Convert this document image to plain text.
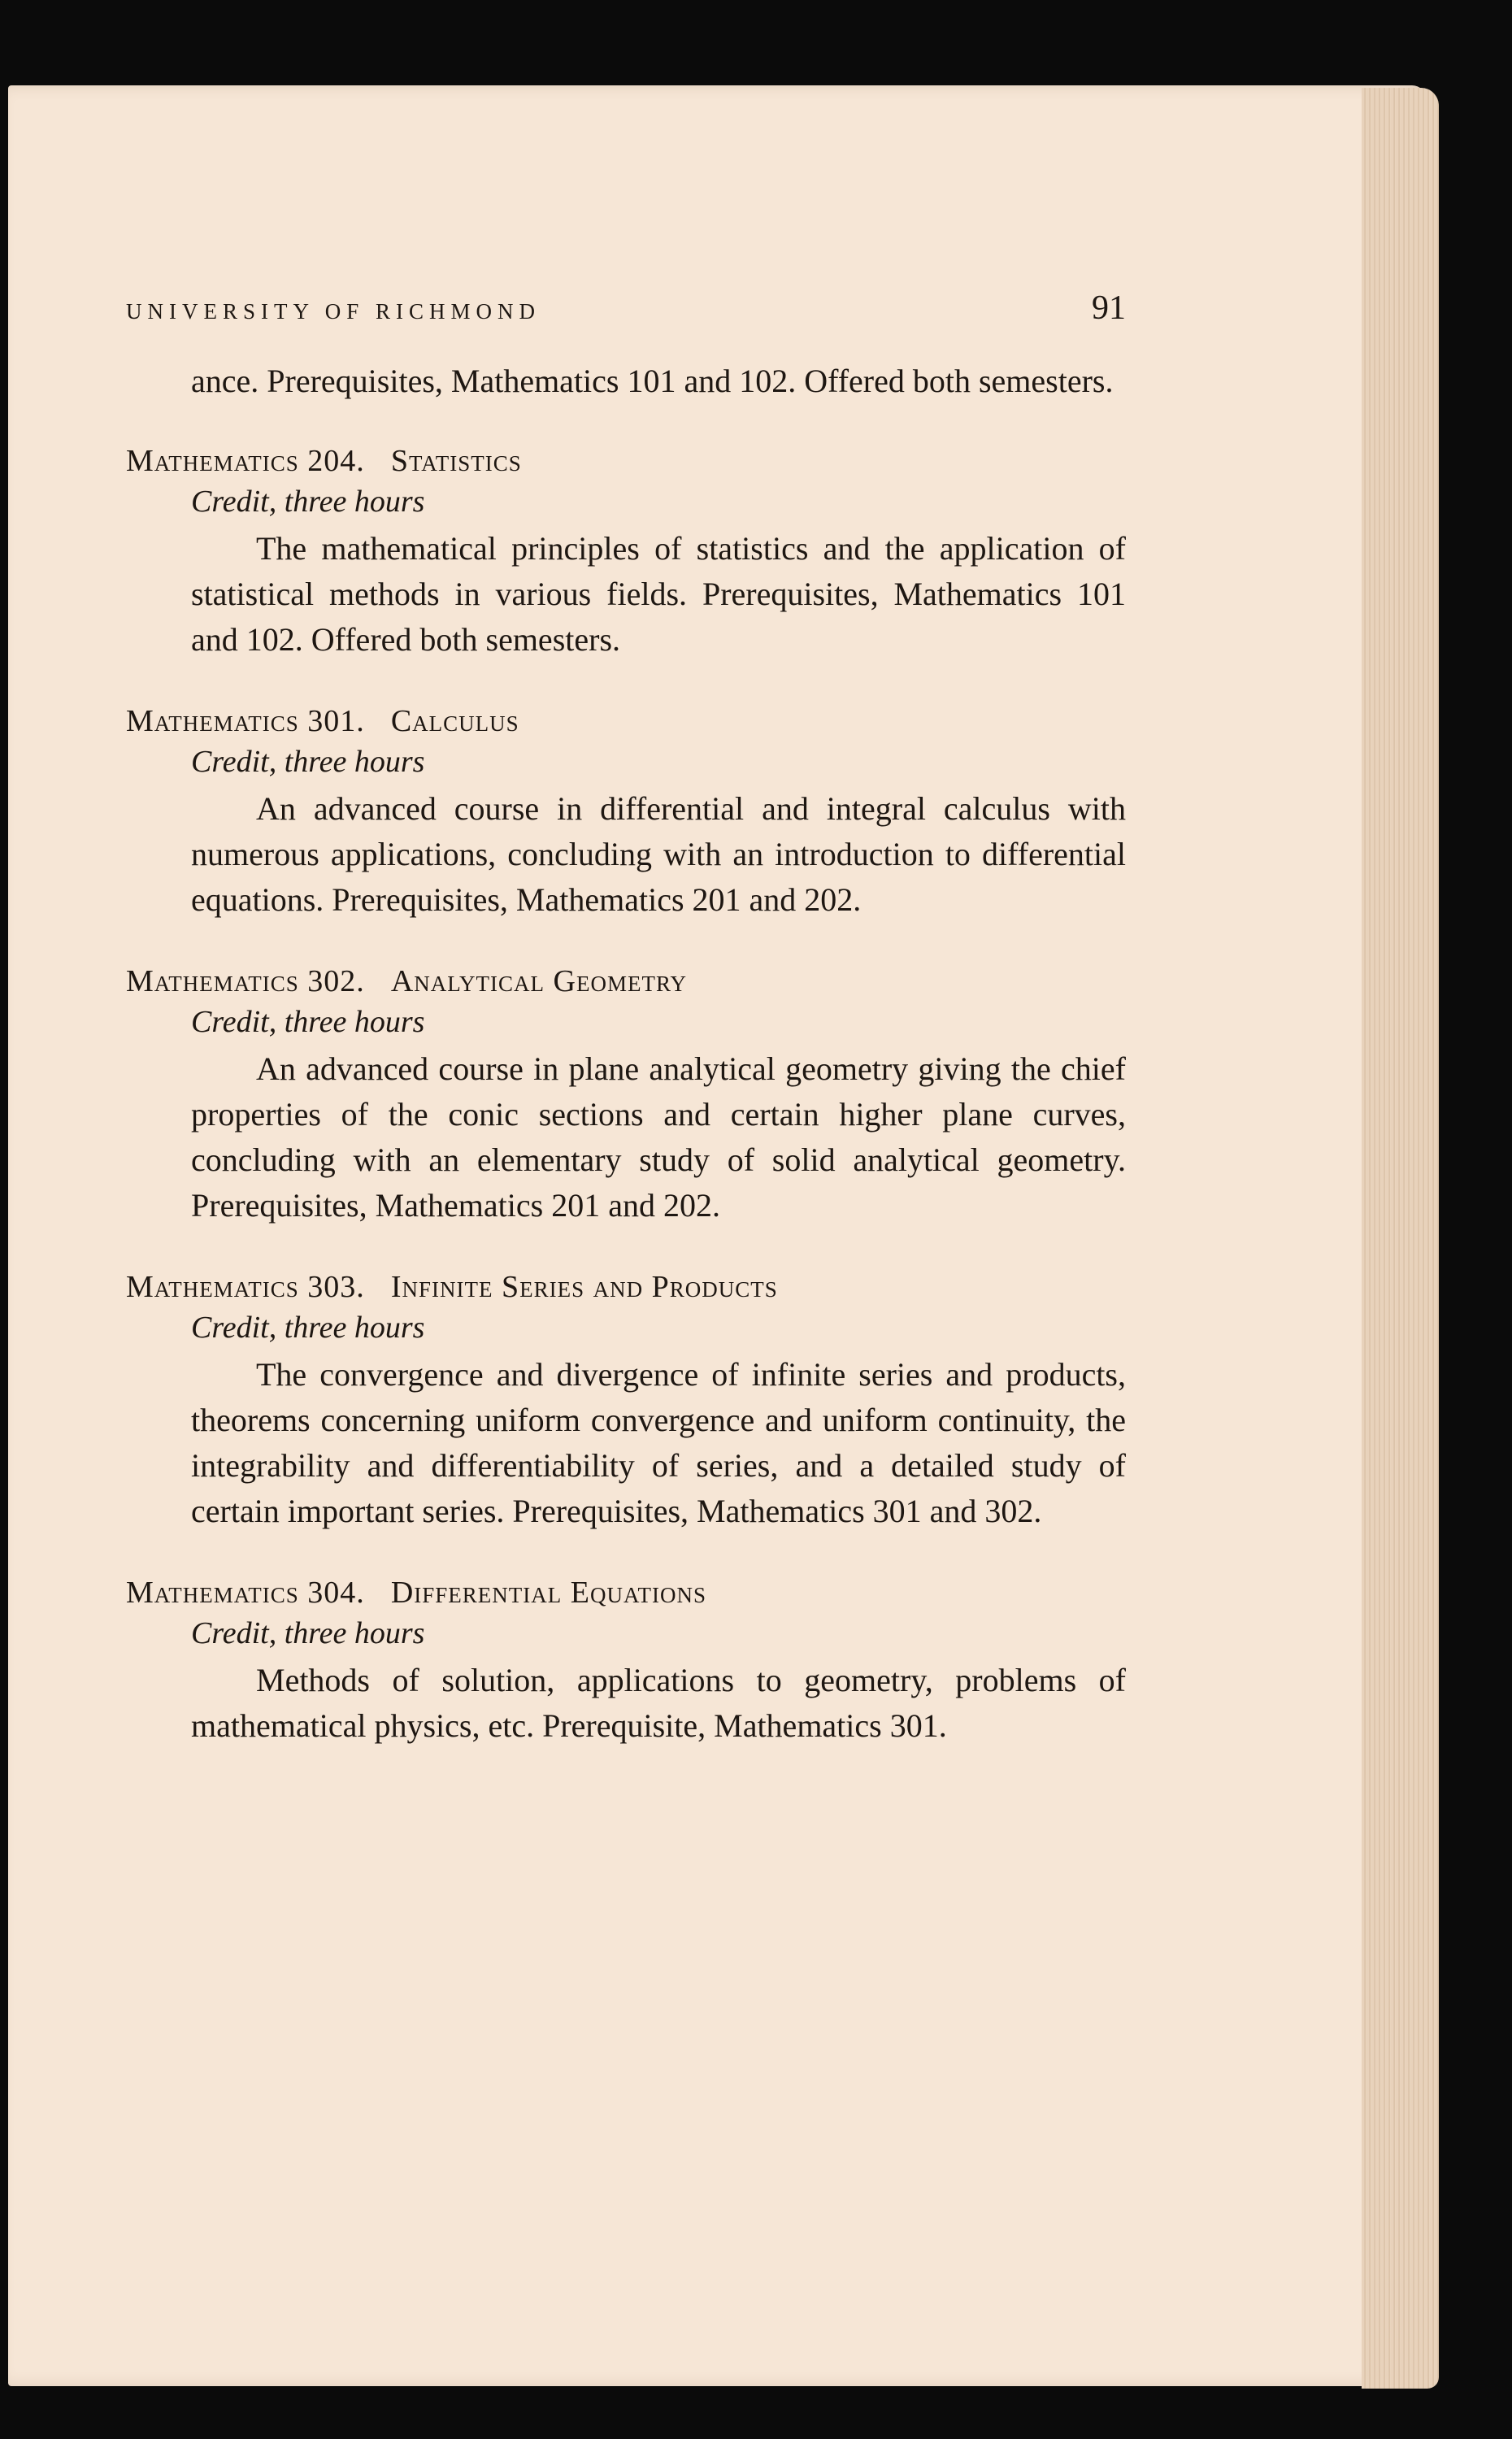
UNIVERSITY OF RICHMOND	91

ance. Prerequisites, Mathematics 101 and 102. Offered both semesters.

Mathematics 204. Statistics

Credit, three hours

The mathematical principles of statistics and the application of statistical methods in various fields. Prerequisites, Mathematics 101 and 102. Offered both semesters.

Mathematics 301. Calculus

Credit, three hours

An advanced course in differential and integral calculus with numerous applications, concluding with an introduction to differential equations. Prerequisites, Mathematics 201 and 202.

Mathematics 302. Analytical Geometry

Credit, three hours

An advanced course in plane analytical geometry giving the chief properties of the conic sections and certain higher plane curves, concluding with an elementary study of solid analytical geometry. Prerequisites, Mathematics 201 and 202.

Mathematics 303. Infinite Series and Products

Credit, three hours

The convergence and divergence of infinite series and products, theorems concerning uniform convergence and uniform continuity, the integrability and differentiability of series, and a detailed study of certain important series. Prerequisites, Mathematics 301 and 302.

Mathematics 304. Differential Equations

Credit, three hours

Methods of solution, applications to geometry, problems of mathematical physics, etc. Prerequisite, Mathematics 301.
